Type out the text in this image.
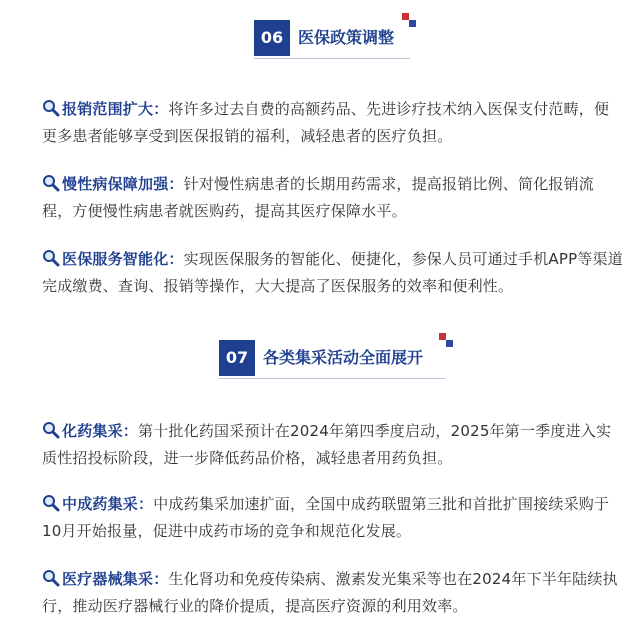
06 医保政策调整
报销范围扩大：将许多过去自费的高额药品、先进诊疗技术纳入医保支付范畴，便更多患者能够享受到医保报销的福利，减轻患者的医疗负担。
慢性病保障加强：针对慢性病患者的长期用药需求，提高报销比例、简化报销流程，方便慢性病患者就医购药，提高其医疗保障水平。
医保服务智能化：实现医保服务的智能化、便捷化，参保人员可通过手机APP等渠道完成缴费、查询、报销等操作，大大提高了医保服务的效率和便利性。
07 各类集采活动全面展开
化药集采：第十批化药国采预计在2024年第四季度启动，2025年第一季度进入实质性招投标阶段，进一步降低药品价格，减轻患者用药负担。
中成药集采：中成药集采加速扩面，全国中成药联盟第三批和首批扩围接续采购于10月开始报量，促进中成药市场的竞争和规范化发展。
医疗器械集采：生化肾功和免疫传染病、激素发光集采等也在2024年下半年陆续执行，推动医疗器械行业的降价提质，提高医疗资源的利用效率。
